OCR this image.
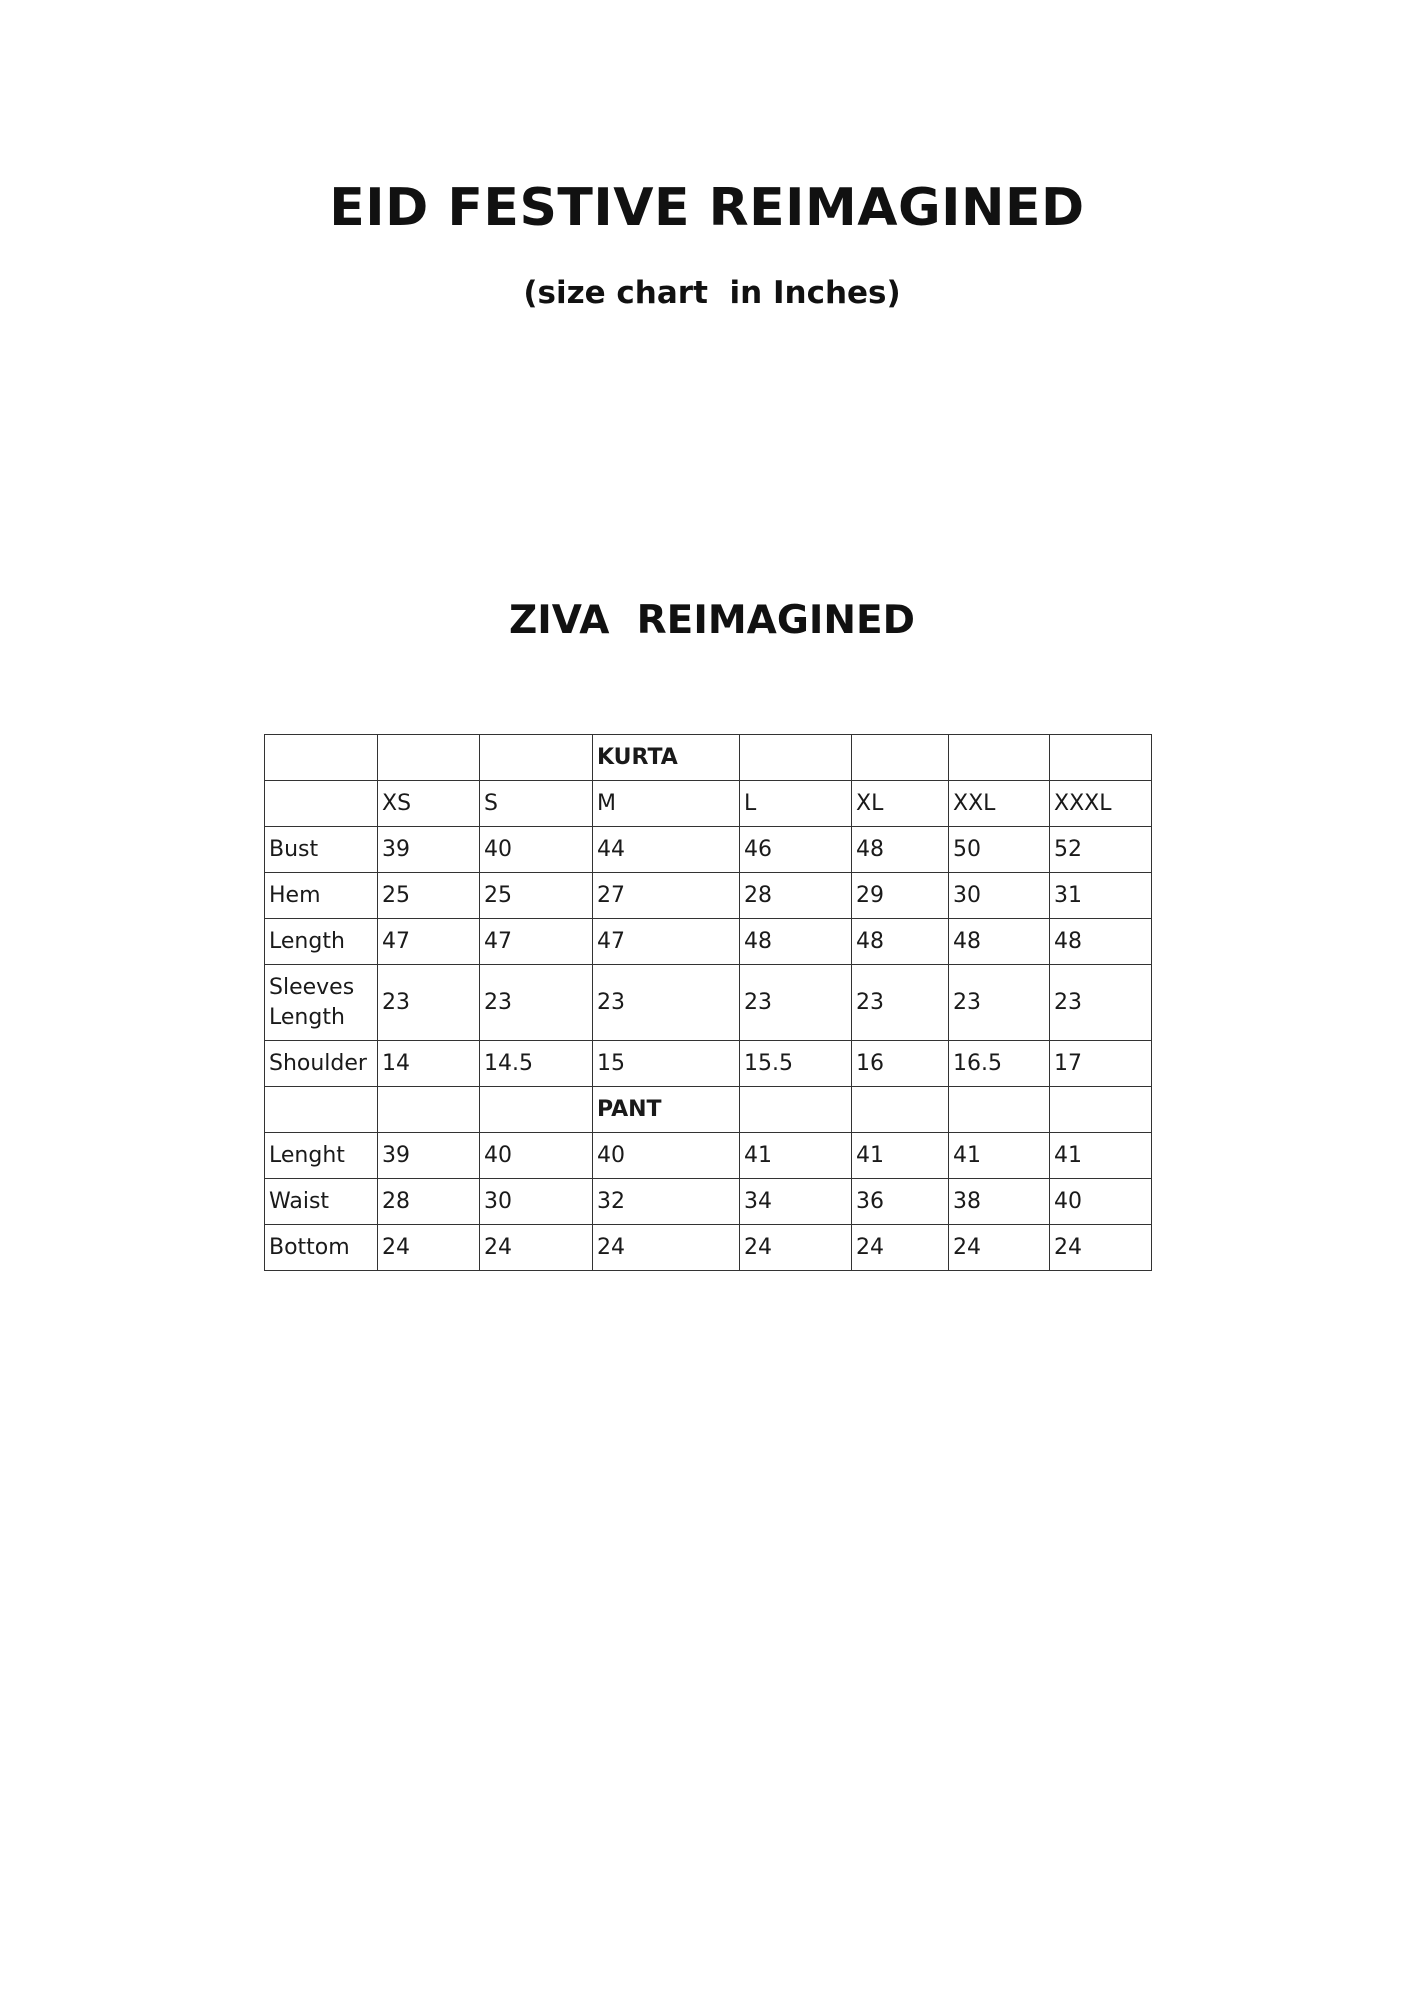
EID FESTIVE REIMAGINED
(size chart  in Inches)
ZIVA  REIMAGINED
			KURTA				
	XS	S	M	L	XL	XXL	XXXL
Bust	39	40	44	46	48	50	52
Hem	25	25	27	28	29	30	31
Length	47	47	47	48	48	48	48
Sleeves Length	23	23	23	23	23	23	23
Shoulder	14	14.5	15	15.5	16	16.5	17
			PANT				
Lenght	39	40	40	41	41	41	41
Waist	28	30	32	34	36	38	40
Bottom	24	24	24	24	24	24	24
